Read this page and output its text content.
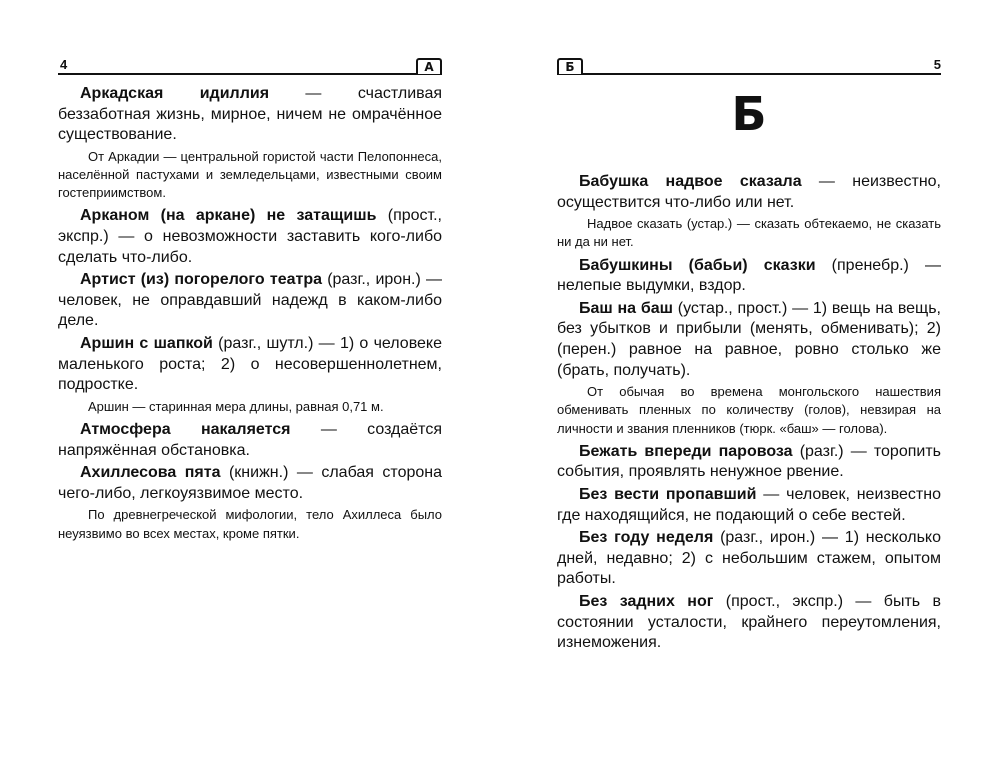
4	А

Аркадская идиллия — счастливая беззаботная жизнь, мирное, ничем не омрачённое существование.

От Аркадии — центральной гористой части Пелопоннеса, населённой пастухами и земледельцами, известными своим гостеприимством.

Арканом (на аркане) не затащишь (прост., экспр.) — о невозможности заставить кого-либо сделать что-либо.

Артист (из) погорелого театра (разг., ирон.) — человек, не оправдавший надежд в каком-либо деле.

Аршин с шапкой (разг., шутл.) — 1) о человеке маленького роста; 2) о несовершеннолетнем, подростке.

Аршин — старинная мера длины, равная 0,71 м.

Атмосфера накаляется — создаётся напряжённая обстановка.

Ахиллесова пята (книжн.) — слабая сторона чего-либо, легкоуязвимое место.

По древнегреческой мифологии, тело Ахиллеса было неуязвимо во всех местах, кроме пятки.

Б	5
Б

Бабушка надвое сказала — неизвестно, осуществится что-либо или нет.

Надвое сказать (устар.) — сказать обтекаемо, не сказать ни да ни нет.

Бабушкины (бабьи) сказки (пренебр.) — нелепые выдумки, вздор.

Баш на баш (устар., прост.) — 1) вещь на вещь, без убытков и прибыли (менять, обменивать); 2) (перен.) равное на равное, ровно столько же (брать, получать).

От обычая во времена монгольского нашествия обменивать пленных по количеству (голов), невзирая на личности и звания пленников (тюрк. «баш» — голова).

Бежать впереди паровоза (разг.) — торопить события, проявлять ненужное рвение.

Без вести пропавший — человек, неизвестно где находящийся, не подающий о себе вестей.

Без году неделя (разг., ирон.) — 1) несколько дней, недавно; 2) с небольшим стажем, опытом работы.

Без задних ног (прост., экспр.) — быть в состоянии усталости, крайнего переутомления, изнеможения.
